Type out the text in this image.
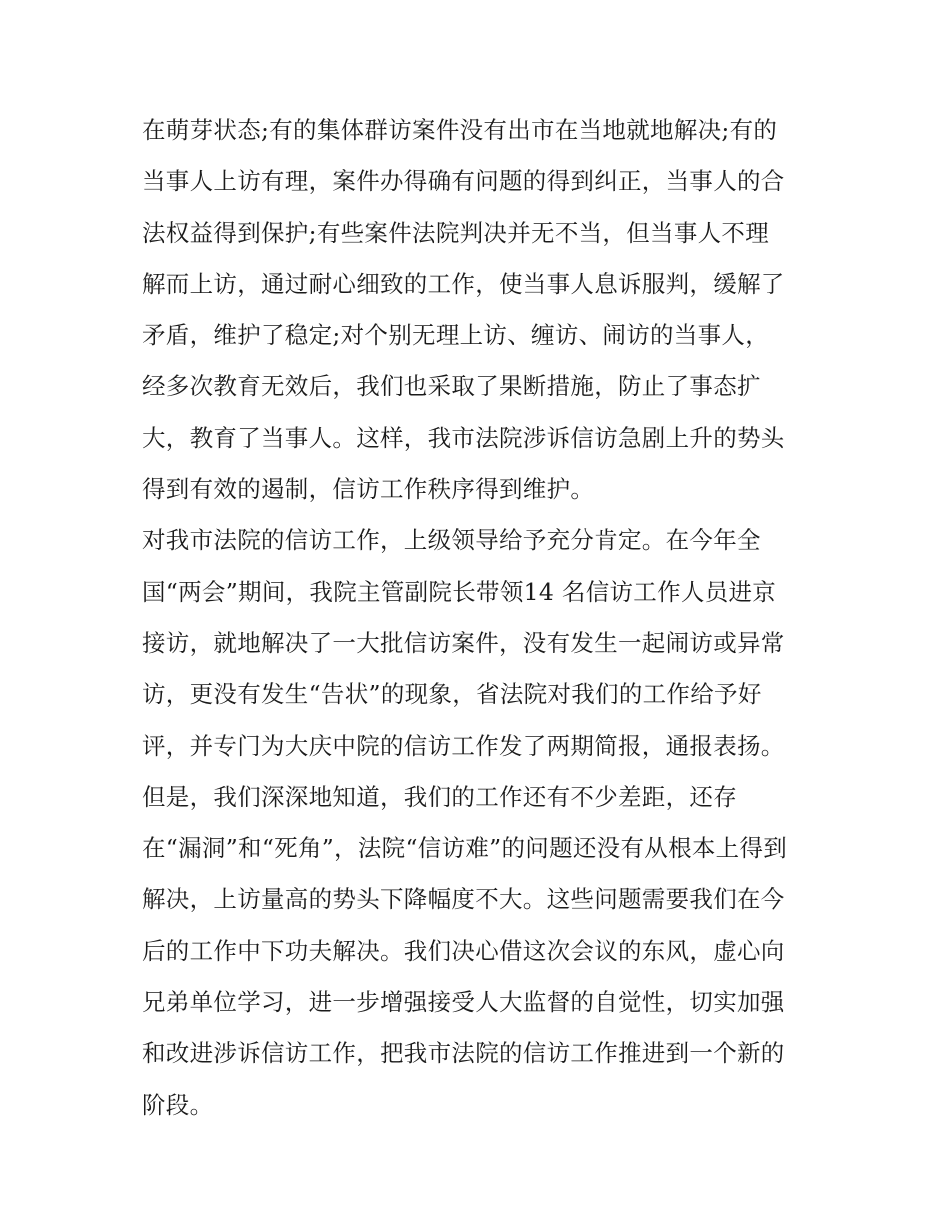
在萌芽状态;有的集体群访案件没有出市在当地就地解决;有的
当事人上访有理，案件办得确有问题的得到纠正，当事人的合
法权益得到保护;有些案件法院判决并无不当，但当事人不理
解而上访，通过耐心细致的工作，使当事人息诉服判，缓解了
矛盾，维护了稳定;对个别无理上访、缠访、闹访的当事人，
经多次教育无效后，我们也采取了果断措施，防止了事态扩
大，教育了当事人。这样，我市法院涉诉信访急剧上升的势头
得到有效的遏制，信访工作秩序得到维护。
对我市法院的信访工作，上级领导给予充分肯定。在今年全
国“两会”期间，我院主管副院长带领14 名信访工作人员进京
接访，就地解决了一大批信访案件，没有发生一起闹访或异常
访，更没有发生“告状”的现象，省法院对我们的工作给予好
评，并专门为大庆中院的信访工作发了两期简报，通报表扬。
但是，我们深深地知道，我们的工作还有不少差距，还存
在“漏洞”和“死角”，法院“信访难”的问题还没有从根本上得到
解决，上访量高的势头下降幅度不大。这些问题需要我们在今
后的工作中下功夫解决。我们决心借这次会议的东风，虚心向
兄弟单位学习，进一步增强接受人大监督的自觉性，切实加强
和改进涉诉信访工作，把我市法院的信访工作推进到一个新的
阶段。
